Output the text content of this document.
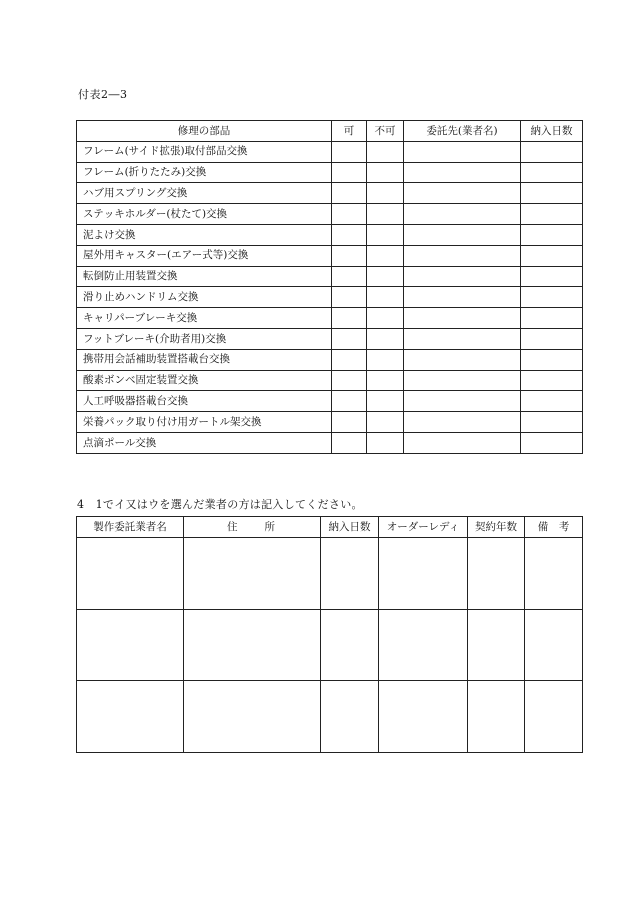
付表2―3
修理の部品	可	不可	委託先(業者名)	納入日数
フレーム(サイド拡張)取付部品交換				
フレーム(折りたたみ)交換				
ハブ用スプリング交換				
ステッキホルダー(杖たて)交換				
泥よけ交換				
屋外用キャスター(エアー式等)交換				
転倒防止用装置交換				
滑り止めハンドリム交換				
キャリパーブレーキ交換				
フットブレーキ(介助者用)交換				
携帯用会話補助装置搭載台交換				
酸素ボンベ固定装置交換				
人工呼吸器搭載台交換				
栄養パック取り付け用ガートル架交換				
点滴ポール交換				
4　1でイ又はウを選んだ業者の方は記入してください。
製作委託業者名	住　　所	納入日数	オーダーレディ	契約年数	備　考
